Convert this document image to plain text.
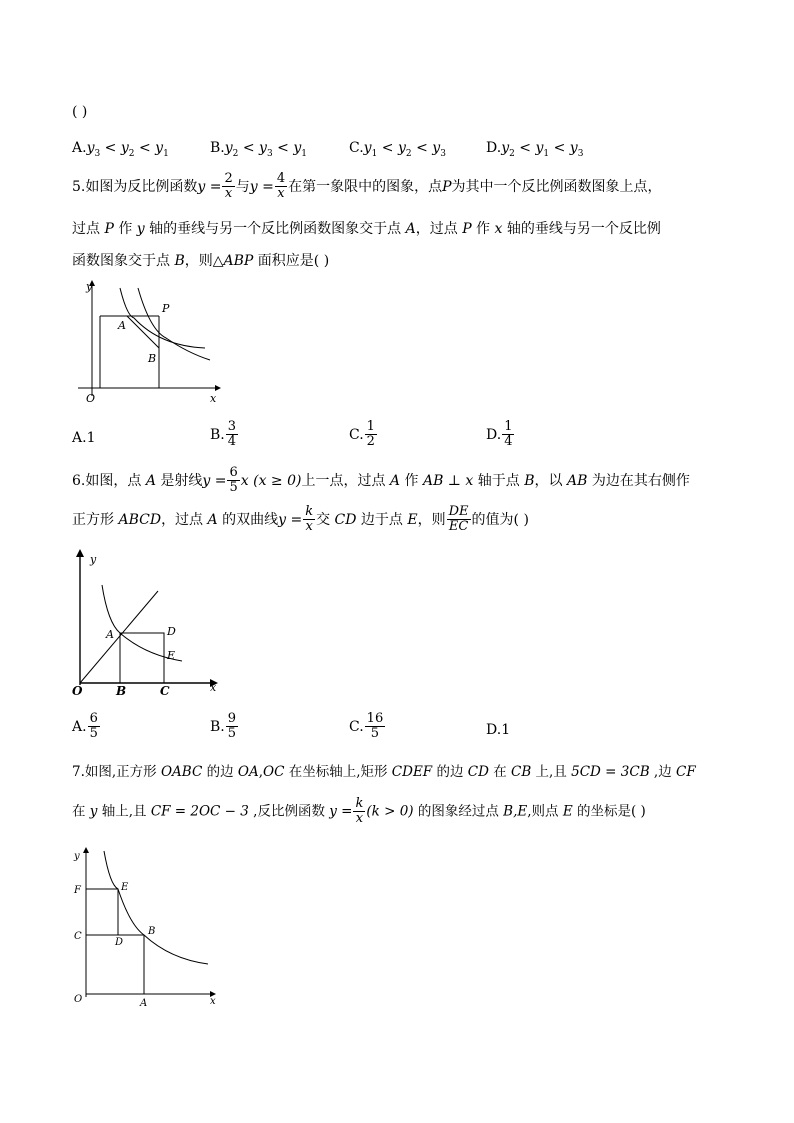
( )
$A.y_3 < y_2 < y_1$	$B.y_2 < y_3 < y_1$	$C.y_1 < y_2 < y_3$	$D.y_2 < y_1 < y_3$
5.如图为反比例函数$y = \frac{2}{x}$ 与$y = \frac{4}{x}$ 在第一象限中的图象，点P为其中一个反比例函数图象上点，
过点 P 作 y 轴的垂线与另一个反比例函数图象交于点 A，过点 P 作 x 轴的垂线与另一个反比例
函数图象交于点 B，则△ABP 面积应是( )
y
x
O
A
B
P
A.1	B. $\frac{3}{4}$	C. $\frac{1}{2}$	D. $\frac{1}{4}$
6.如图，点 A 是射线$y = \frac{6}{5}$ x (x ≥ 0)上一点，过点 A 作 AB ⊥ x 轴于点 B，以 AB 为边在其右侧作
正方形 ABCD，过点 A 的双曲线$y = \frac{k}{x}$ 交 CD 边于点 E，则 $\frac{DE}{EC}$ 的值为( )
y
x
O
A
B	C
D
E
A. $\frac{6}{5}$	B. $\frac{9}{5}$	C. $\frac{16}{5}$	D.1
7.如图,正方形 OABC 的边 OA,OC 在坐标轴上,矩形 CDEF 的边 CD 在 CB 上,且 5CD = 3CB ,边 CF
在 y 轴上,且 CF = 2OC − 3 ,反比例函数 $y = \frac{k}{x} (k > 0)$ 的图象经过点 B,E,则点 E 的坐标是( )
y
x
O	A
B
C
D
E
F
